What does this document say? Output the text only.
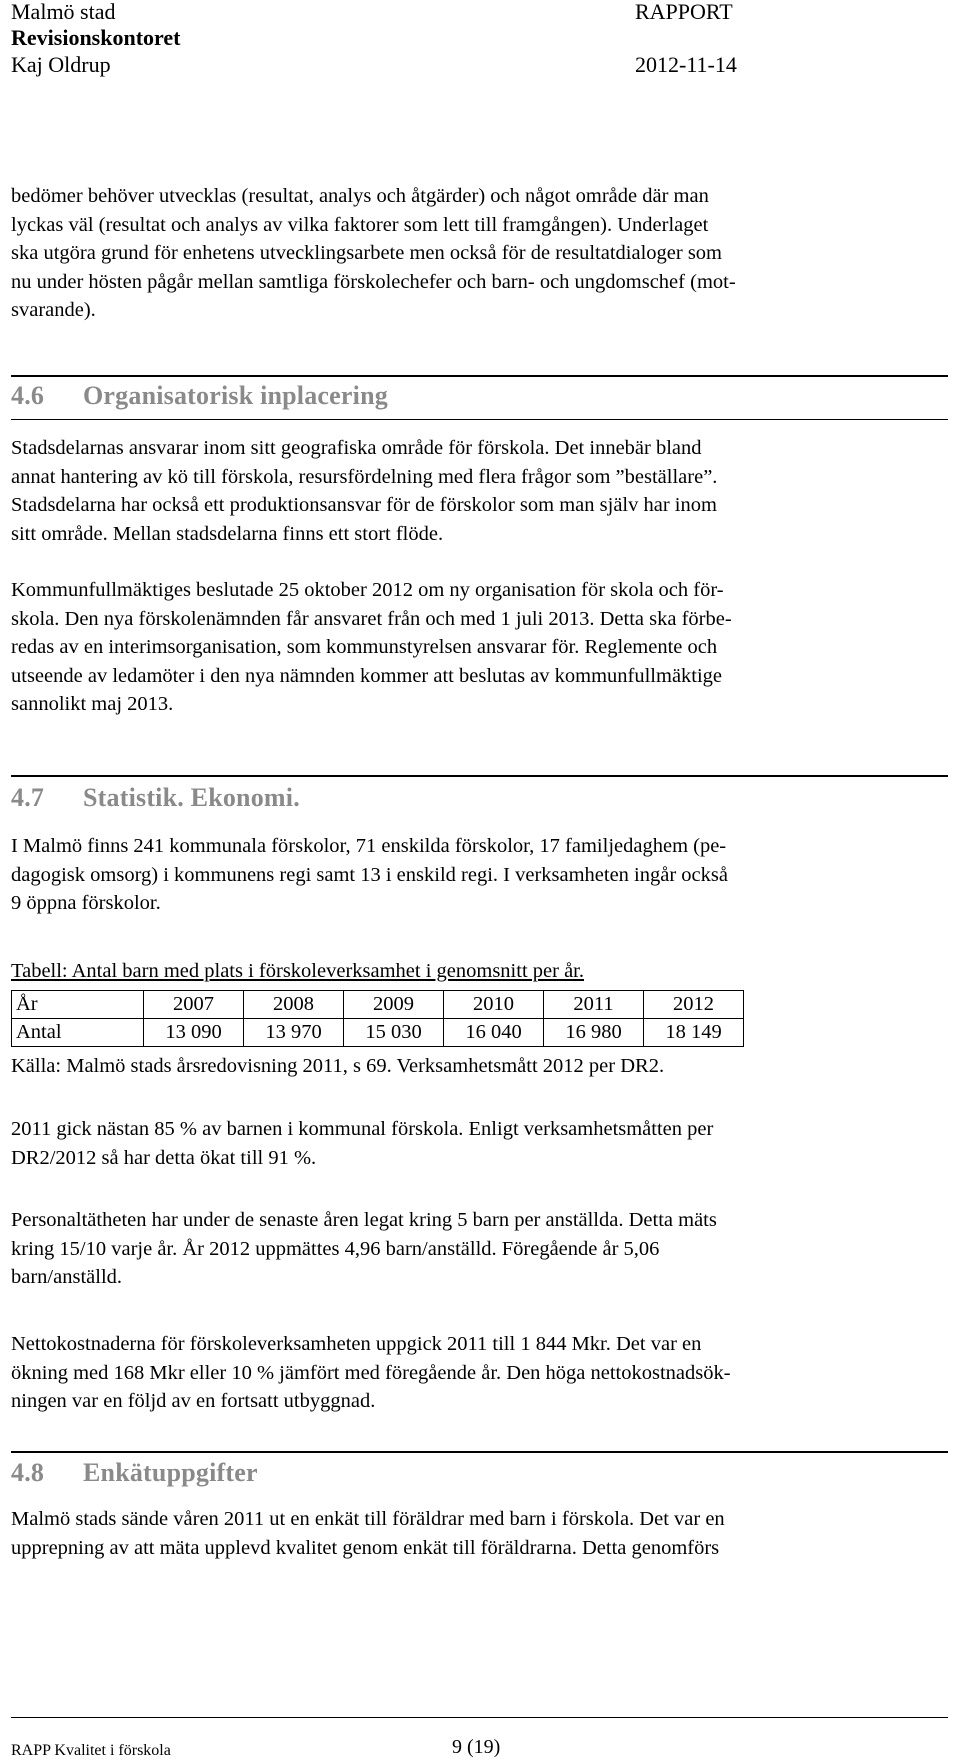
Malmö stad
Revisionskontoret
Kaj Oldrup
RAPPORT
2012-11-14
bedömer behöver utvecklas (resultat, analys och åtgärder) och något område där man
lyckas väl (resultat och analys av vilka faktorer som lett till framgången). Underlaget
ska utgöra grund för enhetens utvecklingsarbete men också för de resultatdialoger som
nu under hösten pågår mellan samtliga förskolechefer och barn- och ungdomschef (mot-
svarande).
4.6 Organisatorisk inplacering
Stadsdelarnas ansvarar inom sitt geografiska område för förskola. Det innebär bland
annat hantering av kö till förskola, resursfördelning med flera frågor som ”beställare”.
Stadsdelarna har också ett produktionsansvar för de förskolor som man själv har inom
sitt område. Mellan stadsdelarna finns ett stort flöde.
Kommunfullmäktiges beslutade 25 oktober 2012 om ny organisation för skola och för-
skola. Den nya förskolenämnden får ansvaret från och med 1 juli 2013. Detta ska förbe-
redas av en interimsorganisation, som kommunstyrelsen ansvarar för. Reglemente och
utseende av ledamöter i den nya nämnden kommer att beslutas av kommunfullmäktige
sannolikt maj 2013.
4.7 Statistik. Ekonomi.
I Malmö finns 241 kommunala förskolor, 71 enskilda förskolor, 17 familjedaghem (pe-
dagogisk omsorg) i kommunens regi samt 13 i enskild regi. I verksamheten ingår också
9 öppna förskolor.
Tabell: Antal barn med plats i förskoleverksamhet i genomsnitt per år.
År	2007	2008	2009	2010	2011	2012
Antal	13 090	13 970	15 030	16 040	16 980	18 149
Källa: Malmö stads årsredovisning 2011, s 69. Verksamhetsmått 2012 per DR2.
2011 gick nästan 85 % av barnen i kommunal förskola. Enligt verksamhetsmåtten per
DR2/2012 så har detta ökat till 91 %.
Personaltätheten har under de senaste åren legat kring 5 barn per anställda. Detta mäts
kring 15/10 varje år. År 2012 uppmättes 4,96 barn/anställd. Föregående år 5,06
barn/anställd.
Nettokostnaderna för förskoleverksamheten uppgick 2011 till 1 844 Mkr. Det var en
ökning med 168 Mkr eller 10 % jämfört med föregående år. Den höga nettokostnadsök-
ningen var en följd av en fortsatt utbyggnad.
4.8 Enkätuppgifter
Malmö stads sände våren 2011 ut en enkät till föräldrar med barn i förskola. Det var en
upprepning av att mäta upplevd kvalitet genom enkät till föräldrarna. Detta genomförs
RAPP Kvalitet i förskola	9 (19)
